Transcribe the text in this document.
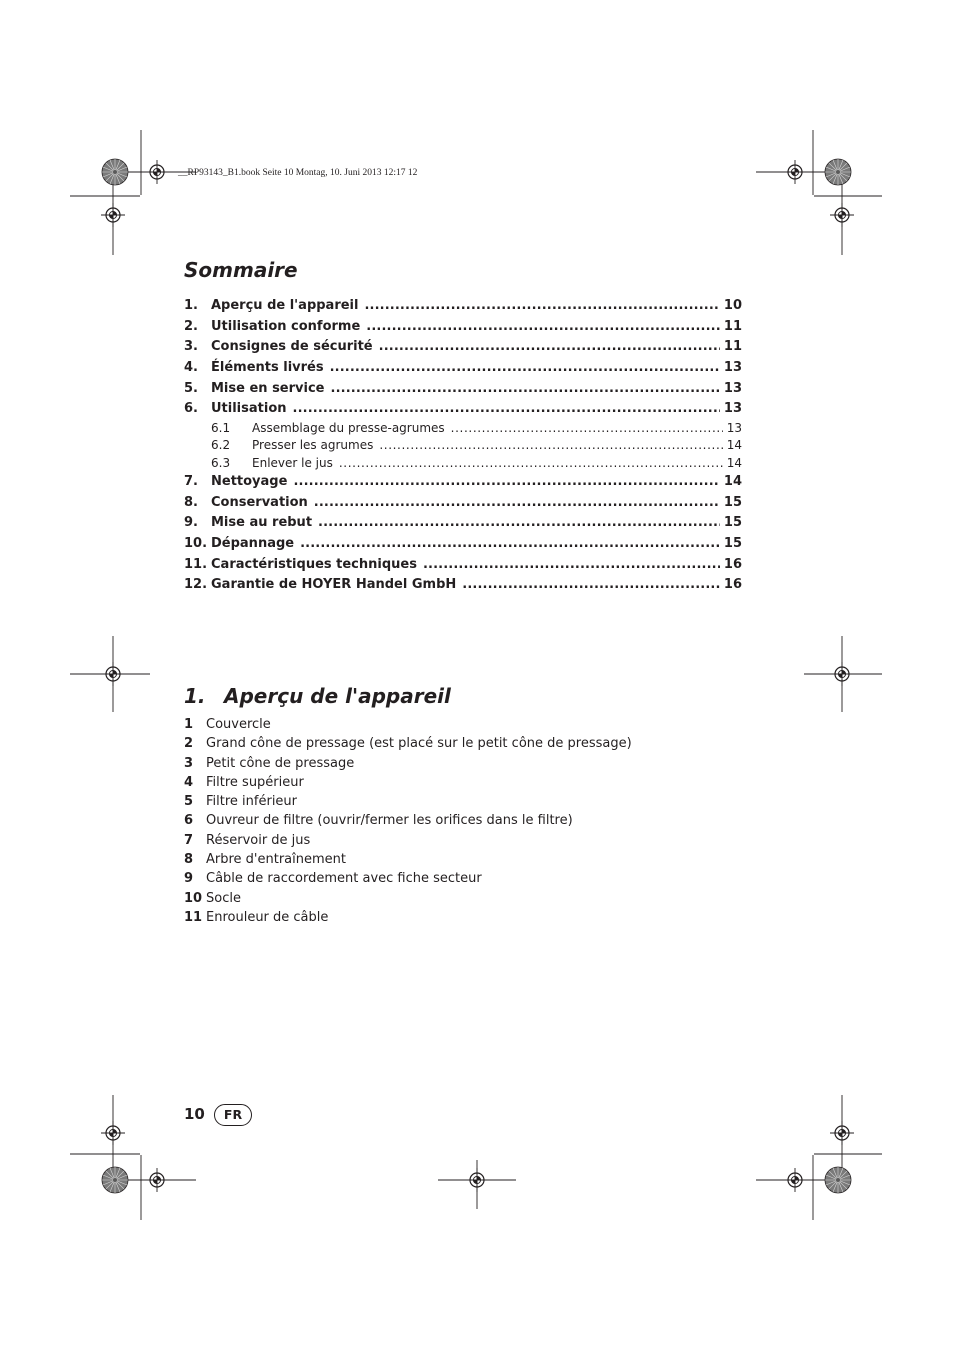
__RP93143_B1.book Seite 10 Montag, 10. Juni 2013 12:17 12
Sommaire
1.	Aperçu de l'appareil . . .	10
2.	Utilisation conforme . . .	11
3.	Consignes de sécurité . . .	11
4.	Éléments livrés . . .	13
5.	Mise en service . . .	13
6.	Utilisation . . .	13
6.1	Assemblage du presse-agrumes . . .	13
6.2	Presser les agrumes . . .	14
6.3	Enlever le jus . . .	14
7.	Nettoyage . . .	14
8.	Conservation . . .	15
9.	Mise au rebut . . .	15
10. Dépannage . . .	15
11. Caractéristiques techniques . . .	16
12. Garantie de HOYER Handel GmbH . . .	16
1. Aperçu de l'appareil
1 Couvercle
2 Grand cône de pressage (est placé sur le petit cône de pressage)
3 Petit cône de pressage
4 Filtre supérieur
5 Filtre inférieur
6 Ouvreur de filtre (ouvrir/fermer les orifices dans le filtre)
7 Réservoir de jus
8 Arbre d'entraînement
9 Câble de raccordement avec fiche secteur
10 Socle
11 Enrouleur de câble
10	FR
